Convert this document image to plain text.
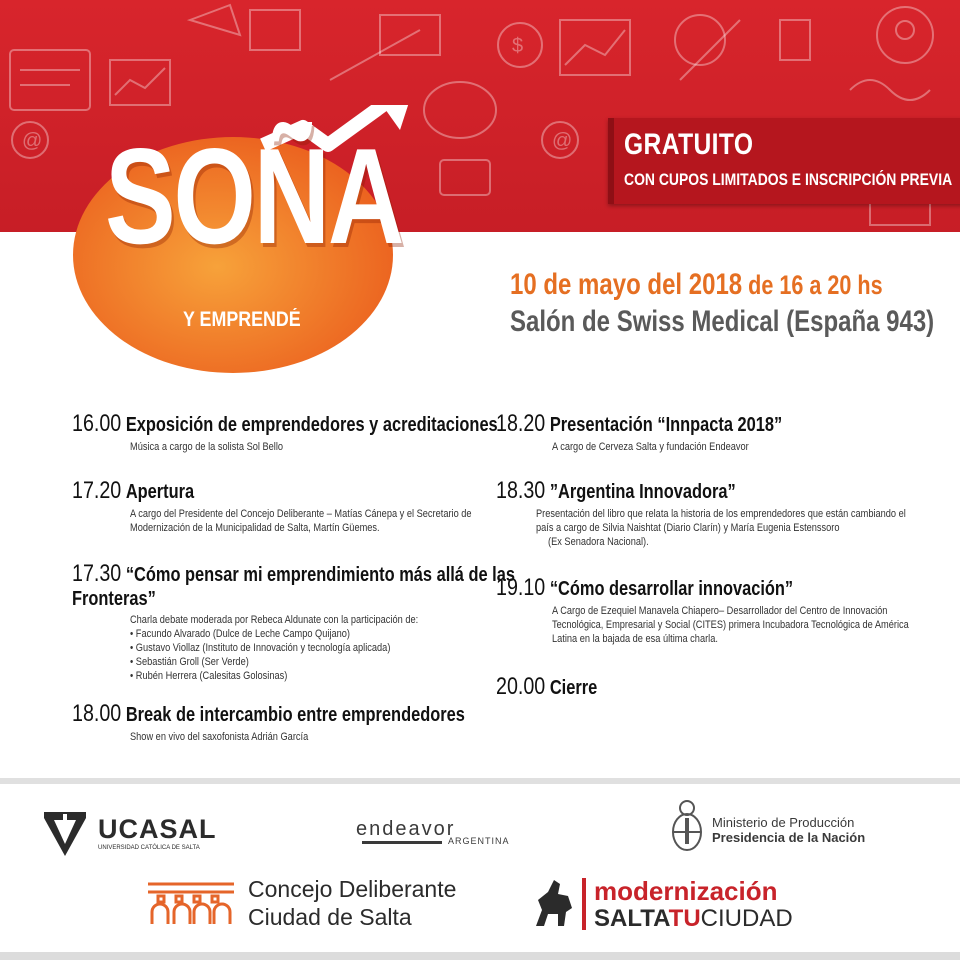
@
$
@ GRATUITO
CON CUPOS LIMITADOS E INSCRIPCIÓN PREVIA
SOÑA
Y EMPRENDÉ
10 de mayo del 2018 de 16 a 20 hs
Salón de Swiss Medical (España 943)
16.00 Exposición de emprendedores y acreditaciones
Música a cargo de la solista Sol Bello
17.20 Apertura
A cargo del Presidente del Concejo Deliberante – Matías Cánepa y el Secretario de
Modernización de la Municipalidad de Salta, Martín Güemes.
17.30 “Cómo pensar mi emprendimiento más allá de las
Fronteras”
Charla debate moderada por Rebeca Aldunate con la participación de:
• Facundo Alvarado (Dulce de Leche Campo Quijano)
• Gustavo Viollaz (Instituto de Innovación y tecnología aplicada)
• Sebastián Groll (Ser Verde)
• Rubén Herrera (Calesitas Golosinas)
18.00 Break de intercambio entre emprendedores
Show en vivo del saxofonista Adrián García
18.20 Presentación “Innpacta 2018”
A cargo de Cerveza Salta y fundación Endeavor
18.30 ”Argentina Innovadora”
Presentación del libro que relata la historia de los emprendedores que están cambiando el
país a cargo de Silvia Naishtat (Diario Clarín) y María Eugenia Estenssoro
(Ex Senadora Nacional).
19.10 “Cómo desarrollar innovación”
A Cargo de Ezequiel Manavela Chiapero– Desarrollador del Centro de Innovación
Tecnológica, Empresarial y Social (CITES) primera Incubadora Tecnológica de América
Latina en la bajada de esa última charla.
20.00 Cierre
UCASAL
UNIVERSIDAD CATÓLICA DE SALTA
endeavor
ARGENTINA
Ministerio de Producción
Presidencia de la Nación
Concejo Deliberante
Ciudad de Salta
modernización
SALTATUCIUDAD
